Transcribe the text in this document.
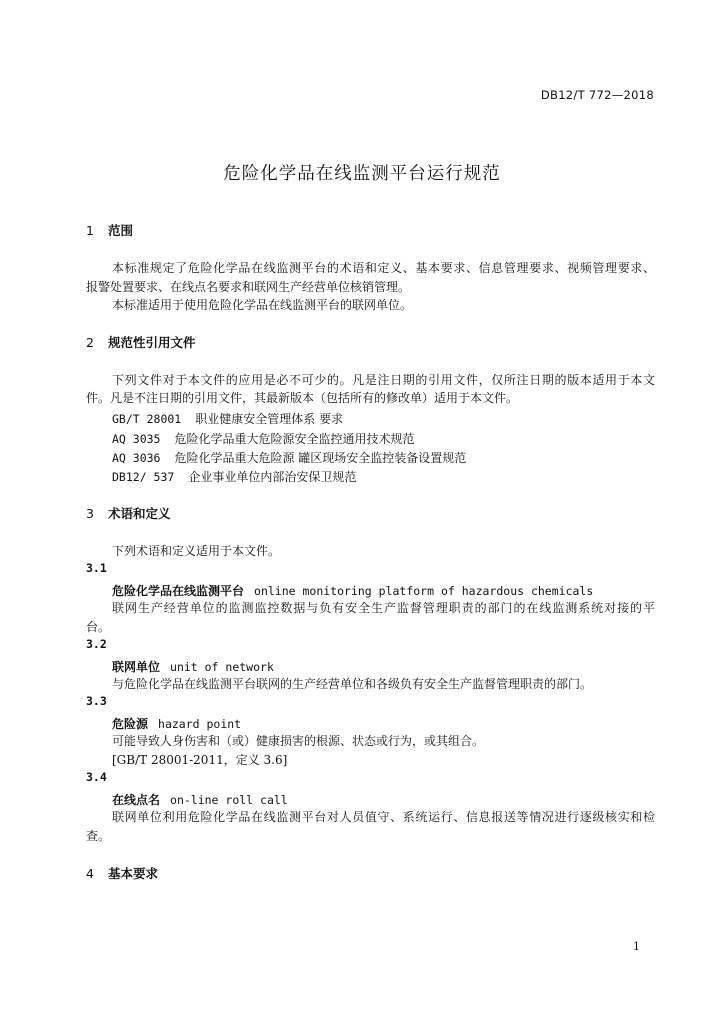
DB12/T 772—2018
危险化学品在线监测平台运行规范
1 范围
本标准规定了危险化学品在线监测平台的术语和定义、基本要求、信息管理要求、视频管理要求、
报警处置要求、在线点名要求和联网生产经营单位核销管理。
本标准适用于使用危险化学品在线监测平台的联网单位。
2 规范性引用文件
下列文件对于本文件的应用是必不可少的。凡是注日期的引用文件，仅所注日期的版本适用于本文
件。凡是不注日期的引用文件，其最新版本（包括所有的修改单）适用于本文件。
GB/T 28001 职业健康安全管理体系 要求
AQ 3035 危险化学品重大危险源安全监控通用技术规范
AQ 3036 危险化学品重大危险源 罐区现场安全监控装备设置规范
DB12/ 537 企业事业单位内部治安保卫规范
3 术语和定义
下列术语和定义适用于本文件。
3.1
危险化学品在线监测平台 online monitoring platform of hazardous chemicals
联网生产经营单位的监测监控数据与负有安全生产监督管理职责的部门的在线监测系统对接的平
台。
3.2
联网单位 unit of network
与危险化学品在线监测平台联网的生产经营单位和各级负有安全生产监督管理职责的部门。
3.3
危险源 hazard point
可能导致人身伤害和（或）健康损害的根源、状态或行为，或其组合。
[GB/T 28001-2011，定义 3.6]
3.4
在线点名 on-line roll call
联网单位利用危险化学品在线监测平台对人员值守、系统运行、信息报送等情况进行逐级核实和检
查。
4 基本要求
1
